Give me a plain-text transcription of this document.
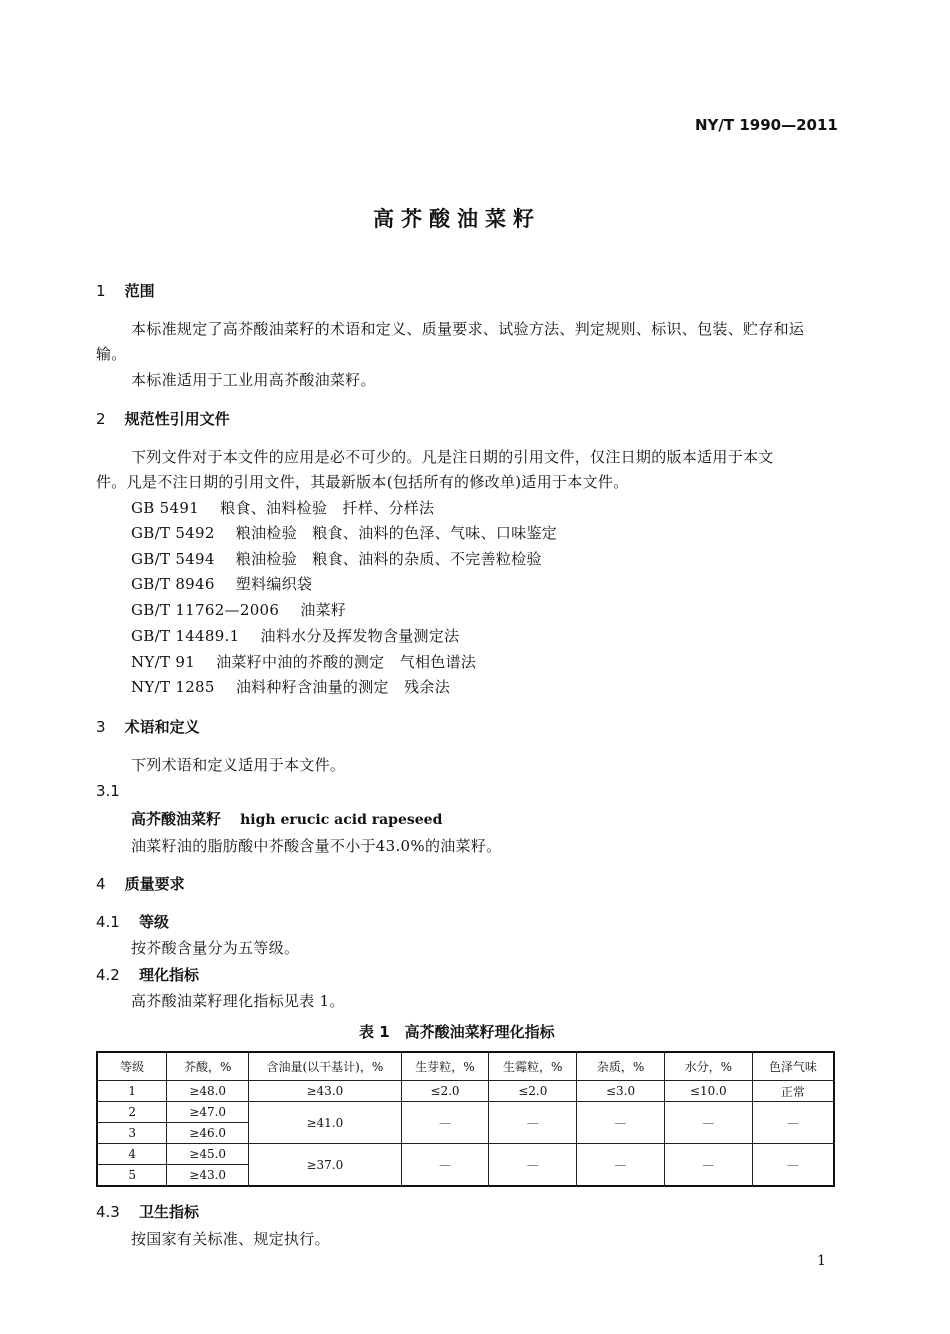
NY/T 1990—2011
高芥酸油菜籽
1 范围
本标准规定了高芥酸油菜籽的术语和定义、质量要求、试验方法、判定规则、标识、包装、贮存和运
输。
本标准适用于工业用高芥酸油菜籽。
2 规范性引用文件
下列文件对于本文件的应用是必不可少的。凡是注日期的引用文件，仅注日期的版本适用于本文
件。凡是不注日期的引用文件，其最新版本(包括所有的修改单)适用于本文件。
GB 5491 粮食、油料检验　扦样、分样法
GB/T 5492 粮油检验　粮食、油料的色泽、气味、口味鉴定
GB/T 5494 粮油检验　粮食、油料的杂质、不完善粒检验
GB/T 8946 塑料编织袋
GB/T 11762—2006 油菜籽
GB/T 14489.1 油料水分及挥发物含量测定法
NY/T 91 油菜籽中油的芥酸的测定　气相色谱法
NY/T 1285 油料种籽含油量的测定　残余法
3 术语和定义
下列术语和定义适用于本文件。
3.1
高芥酸油菜籽 high erucic acid rapeseed
油菜籽油的脂肪酸中芥酸含量不小于43.0%的油菜籽。
4 质量要求
4.1 等级
按芥酸含量分为五等级。
4.2 理化指标
高芥酸油菜籽理化指标见表 1。
表 1　高芥酸油菜籽理化指标
等级	芥酸，%	含油量(以干基计)，%	生芽粒，%	生霉粒，%	杂质，%	水分，%	色泽气味
1	≥48.0	≥43.0	≤2.0	≤2.0	≤3.0	≤10.0	正常
2	≥47.0	≥41.0	—	—	—	—	—
3	≥46.0						
4	≥45.0	≥37.0	—	—	—	—	—
5	≥43.0						
4.3 卫生指标
按国家有关标准、规定执行。
1
